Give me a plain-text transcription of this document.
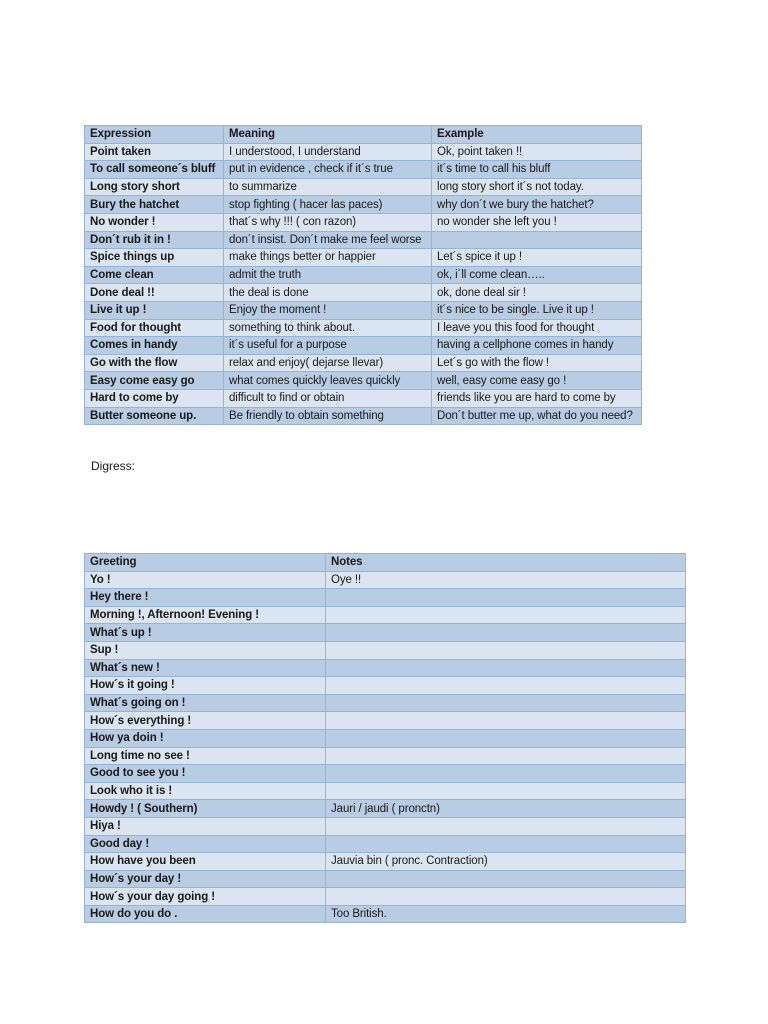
Expression	Meaning	Example
Point taken	I understood, I understand	Ok, point taken !!
To call someone´s bluff	put in evidence , check if it´s true	it´s time to call his bluff
Long story short	to summarize	long story short it´s not today.
Bury the hatchet	stop fighting ( hacer las paces)	why don´t we bury the hatchet?
No wonder !	that´s why !!! ( con razon)	no wonder she left you !
Don´t rub it in !	don´t insist. Don´t make me feel worse	
Spice things up	make things better or happier	Let´s spice it up !
Come clean	admit the truth	ok, i´ll come clean…..
Done deal !!	the deal is done	ok, done deal sir !
Live it up !	Enjoy the moment !	it´s nice to be single. Live it up !
Food for thought	something to think about.	I leave you this food for thought
Comes in handy	it´s useful for a purpose	having a cellphone comes in handy
Go with the flow	relax and enjoy( dejarse llevar)	Let´s go with the flow !
Easy come easy go	what comes quickly leaves quickly	well, easy come easy go !
Hard to come by	difficult to find or obtain	friends like you are hard to come by
Butter someone up.	Be friendly to obtain something	Don´t butter me up, what do you need?
Digress:
Greeting	Notes
Yo !	Oye !!
Hey there !	
Morning !, Afternoon! Evening !	
What´s up !	
Sup !	
What´s new !	
How´s it going !	
What´s going on !	
How´s everything !	
How ya doin !	
Long time no see !	
Good to see you !	
Look who it is !	
Howdy ! ( Southern)	Jauri / jaudi ( pronctn)
Hiya !	
Good day !	
How have you been	Jauvia bin ( pronc. Contraction)
How´s your day !	
How´s your day going !	
How do you do .	Too British.
